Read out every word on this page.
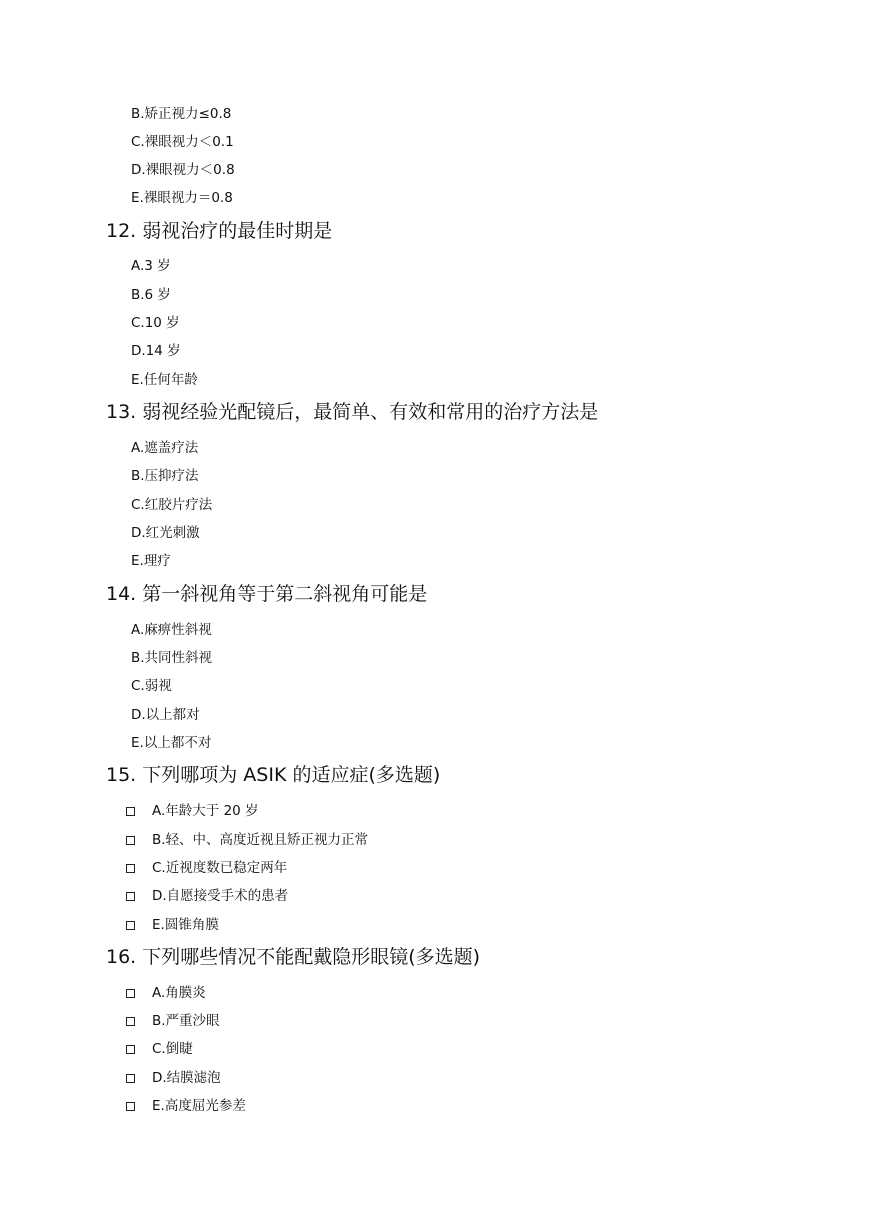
B.矫正视力≤0.8
C.裸眼视力＜0.1
D.裸眼视力＜0.8
E.裸眼视力＝0.8
12. 弱视治疗的最佳时期是
A.3 岁
B.6 岁
C.10 岁
D.14 岁
E.任何年龄
13. 弱视经验光配镜后，最简单、有效和常用的治疗方法是
A.遮盖疗法
B.压抑疗法
C.红胶片疗法
D.红光刺激
E.理疗
14. 第一斜视角等于第二斜视角可能是
A.麻痹性斜视
B.共同性斜视
C.弱视
D.以上都对
E.以上都不对
15. 下列哪项为 ASIK 的适应症(多选题)
A.年龄大于 20 岁
B.轻、中、高度近视且矫正视力正常
C.近视度数已稳定两年
D.自愿接受手术的患者
E.圆锥角膜
16. 下列哪些情况不能配戴隐形眼镜(多选题)
A.角膜炎
B.严重沙眼
C.倒睫
D.结膜滤泡
E.高度屈光参差
